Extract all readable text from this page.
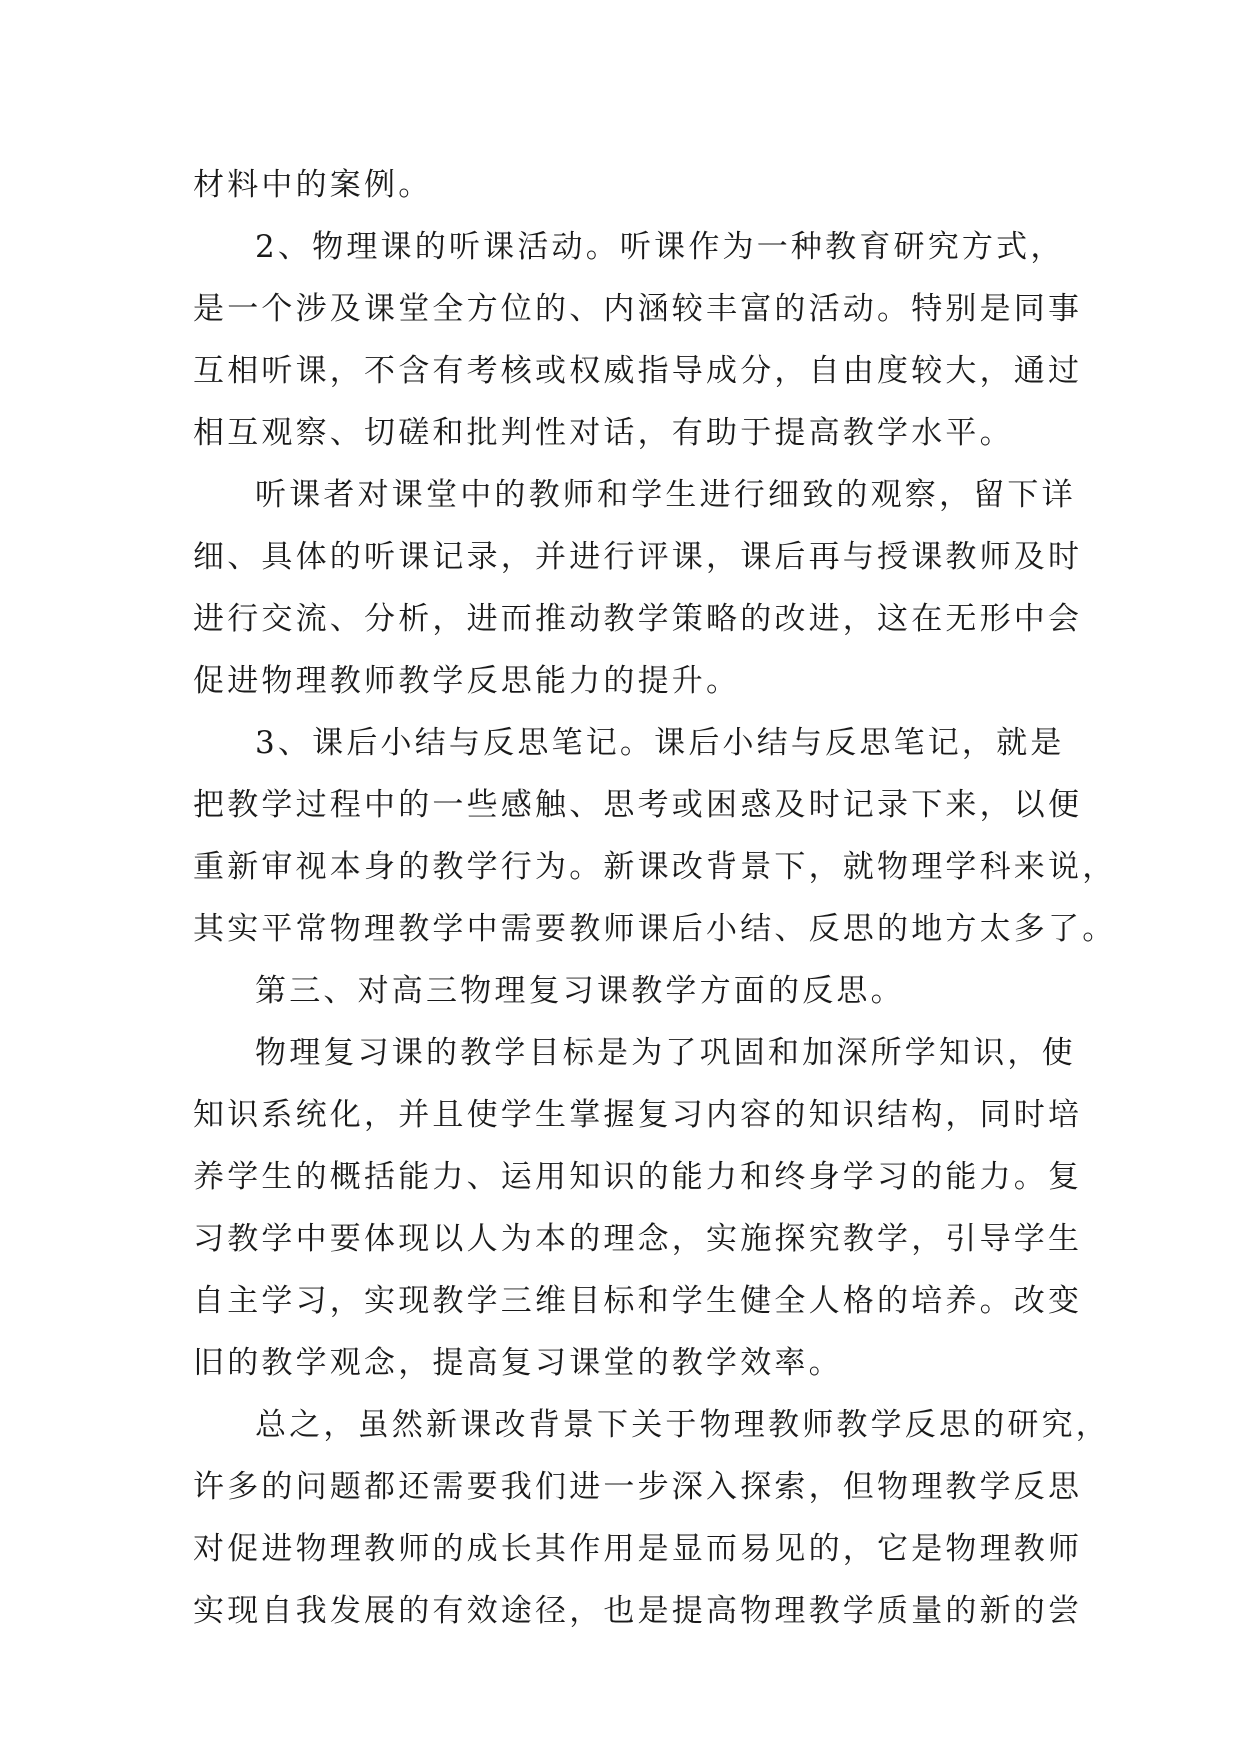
材料中的案例。
2、物理课的听课活动。听课作为一种教育研究方式，
是一个涉及课堂全方位的、内涵较丰富的活动。特别是同事
互相听课，不含有考核或权威指导成分，自由度较大，通过
相互观察、切磋和批判性对话，有助于提高教学水平。
听课者对课堂中的教师和学生进行细致的观察，留下详
细、具体的听课记录，并进行评课，课后再与授课教师及时
进行交流、分析，进而推动教学策略的改进，这在无形中会
促进物理教师教学反思能力的提升。
3、课后小结与反思笔记。课后小结与反思笔记，就是
把教学过程中的一些感触、思考或困惑及时记录下来，以便
重新审视本身的教学行为。新课改背景下，就物理学科来说，
其实平常物理教学中需要教师课后小结、反思的地方太多了。
第三、对高三物理复习课教学方面的反思。
物理复习课的教学目标是为了巩固和加深所学知识，使
知识系统化，并且使学生掌握复习内容的知识结构，同时培
养学生的概括能力、运用知识的能力和终身学习的能力。复
习教学中要体现以人为本的理念，实施探究教学，引导学生
自主学习，实现教学三维目标和学生健全人格的培养。改变
旧的教学观念，提高复习课堂的教学效率。
总之，虽然新课改背景下关于物理教师教学反思的研究，
许多的问题都还需要我们进一步深入探索，但物理教学反思
对促进物理教师的成长其作用是显而易见的，它是物理教师
实现自我发展的有效途径，也是提高物理教学质量的新的尝
